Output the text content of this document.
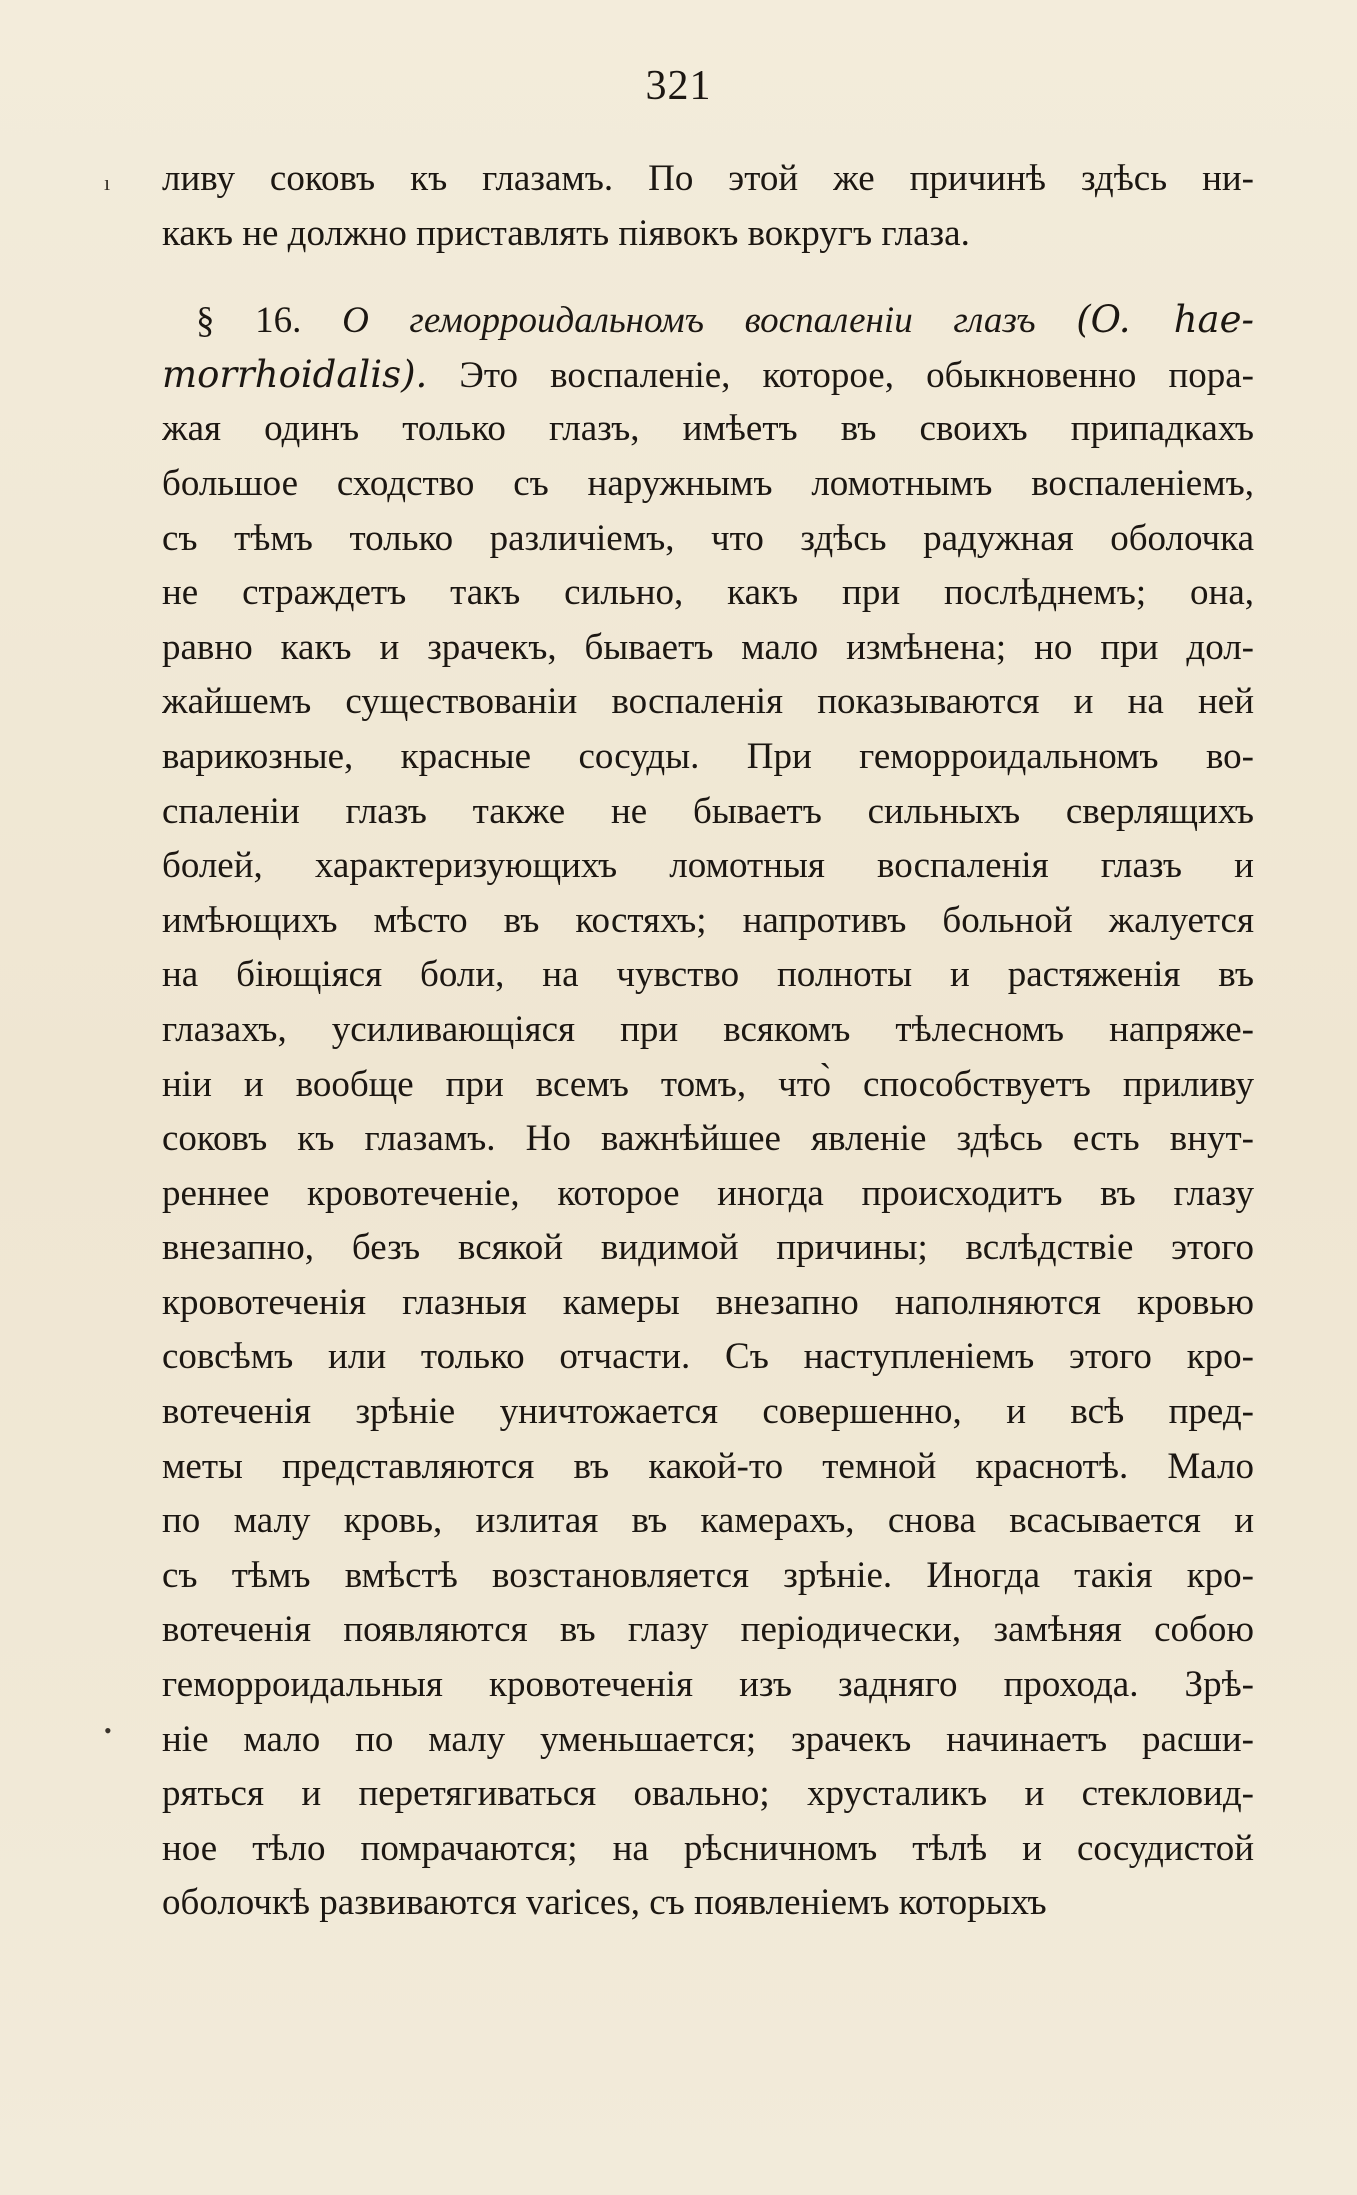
321
ı
•
ливу соковъ къ глазамъ. По этой же причинѣ здѣсь ни-
какъ не должно приставлять піявокъ вокругъ глаза.
§ 16. О геморроидальномъ воспаленіи глазъ (O. hae-
morrhoidalis). Это воспаленіе, которое, обыкновенно пора-
жая одинъ только глазъ, имѣетъ въ своихъ припадкахъ
большое сходство съ наружнымъ ломотнымъ воспаленіемъ,
съ тѣмъ только различіемъ, что здѣсь радужная оболочка
не страждетъ такъ сильно, какъ при послѣднемъ; она,
равно какъ и зрачекъ, бываетъ мало измѣнена; но при дол-
жайшемъ существованіи воспаленія показываются и на ней
варикозные, красные сосуды. При геморроидальномъ во-
спаленіи глазъ также не бываетъ сильныхъ сверлящихъ
болей, характеризующихъ ломотныя воспаленія глазъ и
имѣющихъ мѣсто въ костяхъ; напротивъ больной жалуется
на біющіяся боли, на чувство полноты и растяженія въ
глазахъ, усиливающіяся при всякомъ тѣлесномъ напряже-
ніи и вообще при всемъ томъ, что̀ способствуетъ приливу
соковъ къ глазамъ. Но важнѣйшее явленіе здѣсь есть внут-
реннее кровотеченіе, которое иногда происходитъ въ глазу
внезапно, безъ всякой видимой причины; вслѣдствіе этого
кровотеченія глазныя камеры внезапно наполняются кровью
совсѣмъ или только отчасти. Съ наступленіемъ этого кро-
вотеченія зрѣніе уничтожается совершенно, и всѣ пред-
меты представляются въ какой-то темной краснотѣ. Мало
по малу кровь, излитая въ камерахъ, снова всасывается и
съ тѣмъ вмѣстѣ возстановляется зрѣніе. Иногда такія кро-
вотеченія появляются въ глазу періодически, замѣняя собою
геморроидальныя кровотеченія изъ задняго прохода. Зрѣ-
ніе мало по малу уменьшается; зрачекъ начинаетъ расши-
ряться и перетягиваться овально; хрусталикъ и стекловид-
ное тѣло помрачаются; на рѣсничномъ тѣлѣ и сосудистой
оболочкѣ развиваются varices, съ появленіемъ которыхъ
